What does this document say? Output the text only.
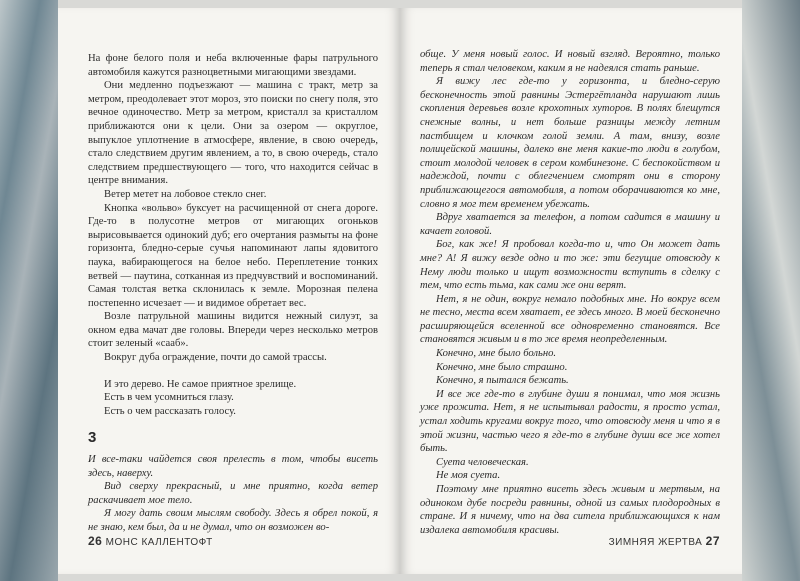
На фоне белого поля и неба включенные фары патрульного автомобиля кажутся разноцветными мигающими звездами.

Они медленно подъезжают — машина с тракт, метр за метром, преодолевает этот мороз, это поиски по снегу поля, это вечное одиночество. Метр за метром, кристалл за кристаллом приближаются они к цели. Они за озером — округлое, выпуклое уплотнение в атмосфере, явление, в свою очередь, стало следствием другим явлением, а то, в свою очередь, стало следствием предшествующего — того, что находится сейчас в центре внимания.

Ветер метет на лобовое стекло снег.

Кнопка «вольво» буксует на расчищенной от снега дороге. Где-то в полусотне метров от мигающих огоньков вырисовывается одинокий дуб; его очертания размыты на фоне горизонта, бледно-серые сучья напоминают лапы ядовитого паука, вабирающегося на белое небо. Переплетение тонких ветвей — паутина, сотканная из предчувствий и воспоминаний. Самая толстая ветка склонилась к земле. Морозная пелена постепенно исчезает — и видимое обретает вес.

Возле патрульной машины видится нежный силуэт, за окном едва мачат две головы. Впереди через несколько метров стоит зеленый «сааб».

Вокруг дуба ограждение, почти до самой трассы.

И это дерево. Не самое приятное зрелище.

Есть в чем усомниться глазу.

Есть о чем рассказать голосу.

3

И все-таки чайдется своя прелесть в том, чтобы висеть здесь, наверху.

Вид сверху прекрасный, и мне приятно, когда ветер раскачивает мое тело.

Я могу дать своим мыслям свободу. Здесь я обрел покой, я не знаю, кем был, да и не думал, что он возможен во-

26 МОНС КАЛЛЕНТОФТ

обще. У меня новый голос. И новый взгляд. Вероятно, только теперь я стал человеком, каким я не надеялся стать раньше.

Я вижу лес где-то у горизонта, и бледно-серую бесконечность этой равнины Эстергётланда нарушают лишь скопления деревьев возле крохотных хуторов. В полях блещутся снежные волны, и нет больше разницы между летним пастбищем и клочком голой земли. А там, внизу, возле полицейской машины, далеко вне меня какие-то люди в голубом, стоит молодой человек в сером комбинезоне. С беспокойством и надеждой, почти с облегчением смотрят они в сторону приближающегося автомобиля, а потом оборачиваются ко мне, словно я мог тем временем убежать.

Вдруг хватается за телефон, а потом садится в машину и качает головой.

Бог, как же! Я пробовал когда-то и, что Он может дать мне? А! Я вижу везде одно и то же: эти бегущие отовсюду к Нему люди только и ищут возможности вступить в сделку с тем, что есть тьма, как сами же они верят.

Нет, я не один, вокруг немало подобных мне. Но вокруг всем не тесно, места всем хватает, ее здесь много. В моей бесконечно расширяющейся вселенной все одновременно становятся. Все становятся живым и в то же время неопределенным.

Конечно, мне было больно.

Конечно, мне было страшно.

Конечно, я пытался бежать.

И все же где-то в глубине души я понимал, что моя жизнь уже прожита. Нет, я не испытывал радости, я просто устал, устал ходить кругами вокруг того, что отовсюду меня и что я в этой жизни, частью чего я где-то в глубине души все же хотел быть.

Суета человеческая.

Не моя суета.

Поэтому мне приятно висеть здесь живым и мертвым, на одиноком дубе посреди равнины, одной из самых плодородных в стране. И я ничему, что на два ситела приближающихся к нам издалека автомобиля красивы.

ЗИМНЯЯ ЖЕРТВА 27
